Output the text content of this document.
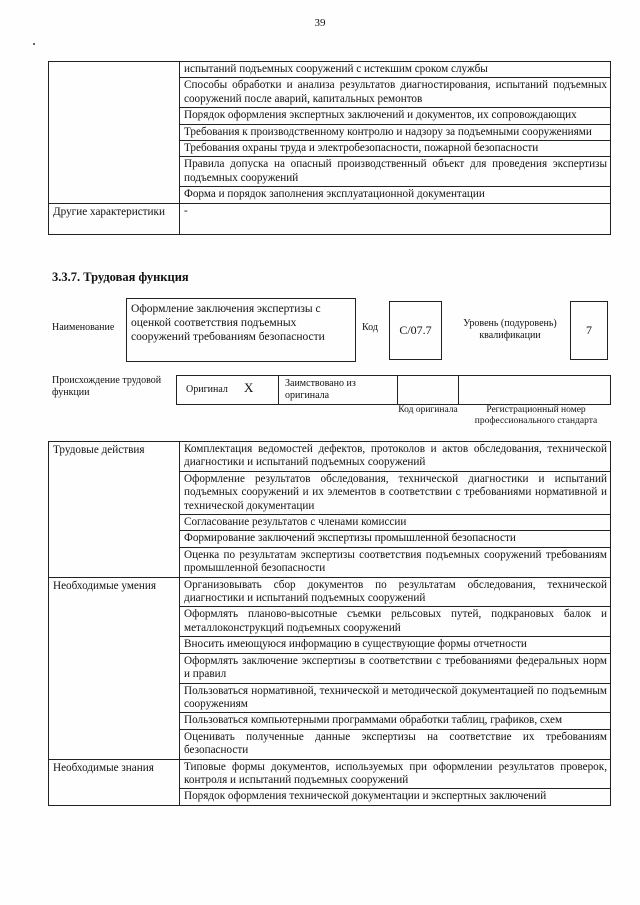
39
	испытаний подъемных сооружений с истекшим сроком службы
	Способы обработки и анализа результатов диагностирования, испытаний подъемных сооружений после аварий, капитальных ремонтов
	Порядок оформления экспертных заключений и документов, их сопровождающих
	Требования к производственному контролю и надзору за подъемными сооружениями
	Требования охраны труда и электробезопасности, пожарной безопасности
	Правила допуска на опасный производственный объект для проведения экспертизы подъемных сооружений
	Форма и порядок заполнения эксплуатационной документации
Другие характеристики	-
3.3.7. Трудовая функция
Наименование
Оформление заключения экспертизы с оценкой соответствия подъемных сооружений требованиям безопасности
Код	C/07.7	Уровень (подуровень) квалификации	7
Происхождение трудовой функции	Оригинал X	Заимствовано из оригинала
Код оригинала	Регистрационный номер профессионального стандарта
Трудовые действия	Комплектация ведомостей дефектов, протоколов и актов обследования, технической диагностики и испытаний подъемных сооружений
	Оформление результатов обследования, технической диагностики и испытаний подъемных сооружений и их элементов в соответствии с требованиями нормативной и технической документации
	Согласование результатов с членами комиссии
	Формирование заключений экспертизы промышленной безопасности
	Оценка по результатам экспертизы соответствия подъемных сооружений требованиям промышленной безопасности
Необходимые умения	Организовывать сбор документов по результатам обследования, технической диагностики и испытаний подъемных сооружений
	Оформлять планово-высотные съемки рельсовых путей, подкрановых балок и металлоконструкций подъемных сооружений
	Вносить имеющуюся информацию в существующие формы отчетности
	Оформлять заключение экспертизы в соответствии с требованиями федеральных норм и правил
	Пользоваться нормативной, технической и методической документацией по подъемным сооружениям
	Пользоваться компьютерными программами обработки таблиц, графиков, схем
	Оценивать полученные данные экспертизы на соответствие их требованиям безопасности
Необходимые знания	Типовые формы документов, используемых при оформлении результатов проверок, контроля и испытаний подъемных сооружений
	Порядок оформления технической документации и экспертных заключений
